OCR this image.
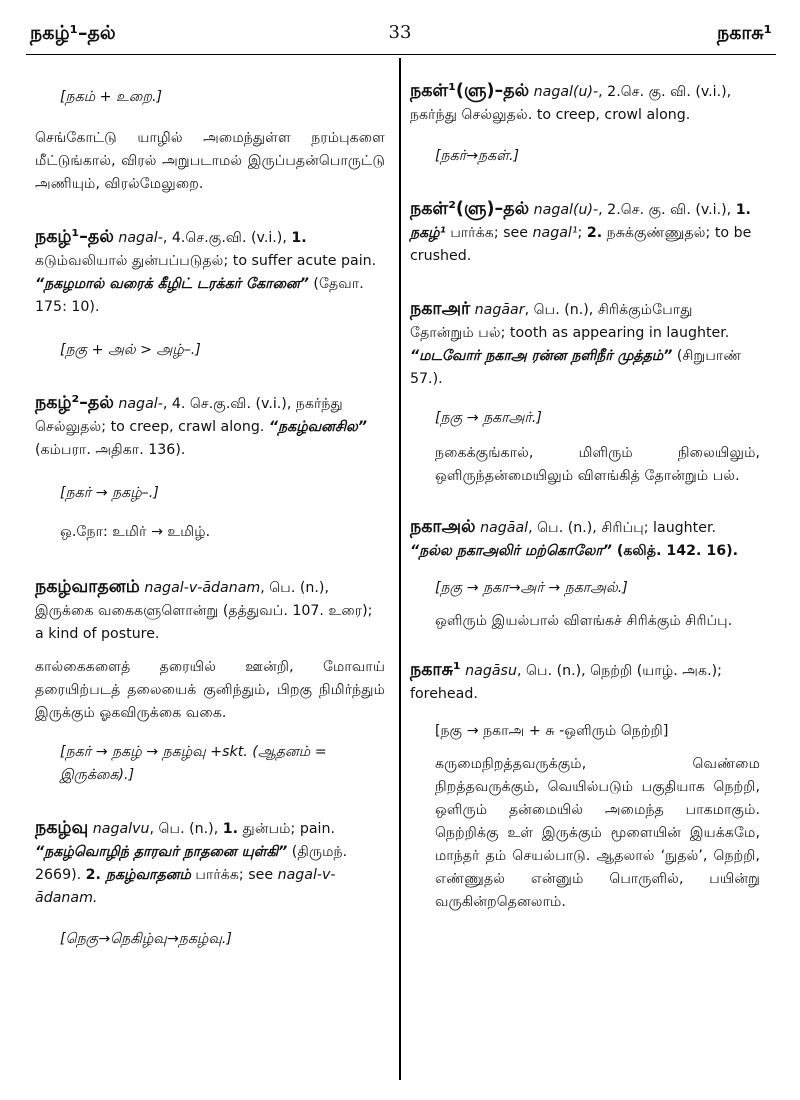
நகழ்¹–தல்	33	நகாசு¹

[நகம் + உறை.]

செங்கோட்டு யாழில் அமைந்துள்ள நரம்புகளை மீட்டுங்கால், விரல் அறுபடாமல் இருப்பதன்பொருட்டு அணியும், விரல்மேலுறை.

நகழ்¹–தல் nagal-, 4.செ.கு.வி. (v.i.), 1. கடும்வலியால் துன்பப்படுதல்; to suffer acute pain. “நகழமால் வரைக் கீழிட் டரக்கர் கோனை” (தேவா. 175: 10).

[நகு + அல் > அழ்–.]

நகழ்²–தல் nagal-, 4. செ.கு.வி. (v.i.), நகர்ந்து செல்லுதல்; to creep, crawl along. “நகழ்வனசில” (கம்பரா. அதிகா. 136).

[நகர் → நகழ்–.]

ஒ.நோ: உமிர் → உமிழ்.

நகழ்வாதனம் nagal-v-ādanam, பெ. (n.), இருக்கை வகைகளுளொன்று (தத்துவப். 107. உரை); a kind of posture.

கால்கைகளைத் தரையில் ஊன்றி, மோவாய் தரையிற்படத் தலையைக் குனிந்தும், பிறகு நிமிர்ந்தும் இருக்கும் ஓகவிருக்கை வகை.

[நகர் → நகழ் → நகழ்வு +skt. (ஆதனம் = இருக்கை).]

நகழ்வு nagalvu, பெ. (n.), 1. துன்பம்; pain. “நகழ்வொழிந் தாரவர் நாதனை யுள்கி” (திருமந். 2669). 2. நகழ்வாதனம் பார்க்க; see nagal-v-ādanam.

[நெகு→நெகிழ்வு→நகழ்வு.]

நகள்¹(ளு)–தல் nagal(u)-, 2.செ. கு. வி. (v.i.), நகர்ந்து செல்லுதல். to creep, crowl along.

[நகர்→நகள்.]

நகள்²(ளு)–தல் nagal(u)-, 2.செ. கு. வி. (v.i.), 1. நகழ்¹ பார்க்க; see nagal¹; 2. நசுக்குண்ணுதல்; to be crushed.

நகாஅர் nagāar, பெ. (n.), சிரிக்கும்போது தோன்றும் பல்; tooth as appearing in laughter. “மடவோர் நகாஅ ரன்ன நளிநீர் முத்தம்” (சிறுபாண் 57.).

[நகு → நகாஅர்.]

நகைக்குங்கால், மிளிரும் நிலையிலும், ஒளிருந்தன்மையிலும் விளங்கித் தோன்றும் பல்.

நகாஅல் nagāal, பெ. (n.), சிரிப்பு; laughter. “நல்ல நகாஅலிர் மற்கொலோ” (கலித். 142. 16).

[நகு → நகா→அர் → நகாஅல்.]

ஒளிரும் இயல்பால் விளங்கச் சிரிக்கும் சிரிப்பு.

நகாசு¹ nagāsu, பெ. (n.), நெற்றி (யாழ். அக.); forehead.

[நகு → நகாஅ + சு -ஒளிரும் நெற்றி]

கருமைநிறத்தவருக்கும், வெண்மை நிறத்தவருக்கும், வெயில்படும் பகுதியாக நெற்றி, ஒளிரும் தன்மையில் அமைந்த பாகமாகும். நெற்றிக்கு உள் இருக்கும் மூளையின் இயக்கமே, மாந்தர் தம் செயல்பாடு. ஆதலால் ‘நுதல்’, நெற்றி, எண்ணுதல் என்னும் பொருளில், பயின்று வருகின்றதெனலாம்.
